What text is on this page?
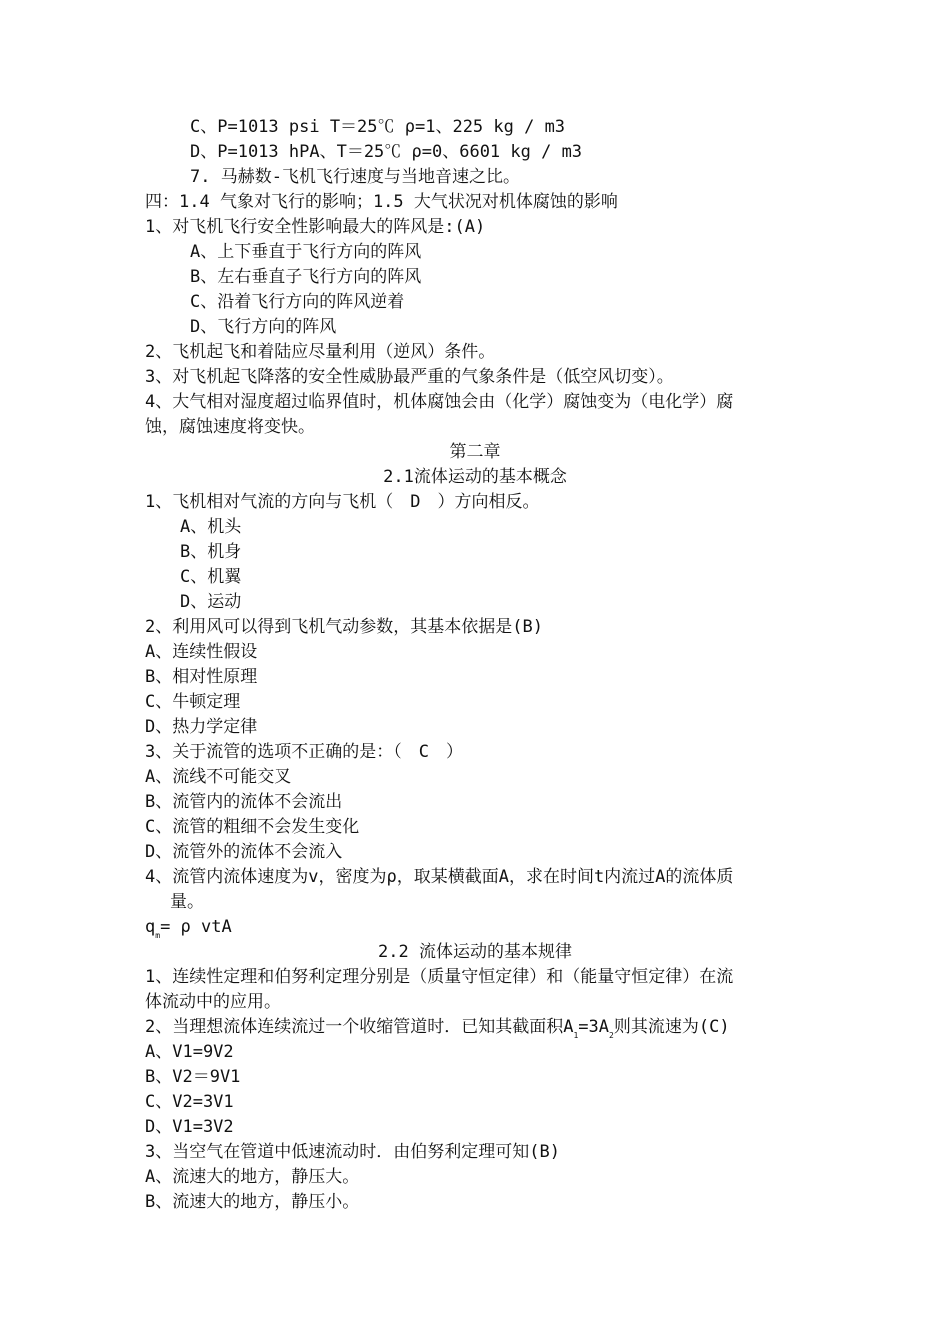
C、P=1013 psi T＝25℃ ρ=1、225 kg / m3
D、P=1013 hPA、T＝25℃ ρ=0、6601 kg / m3
7. 马赫数-飞机飞行速度与当地音速之比。
四：1.4 气象对飞行的影响；1.5 大气状况对机体腐蚀的影响
1、对飞机飞行安全性影响最大的阵风是:(A)
A、上下垂直于飞行方向的阵风
B、左右垂直子飞行方向的阵风
C、沿着飞行方向的阵风逆着
D、飞行方向的阵风
2、飞机起飞和着陆应尽量利用（逆风）条件。
3、对飞机起飞降落的安全性威胁最严重的气象条件是（低空风切变）。
4、大气相对湿度超过临界值时，机体腐蚀会由（化学）腐蚀变为（电化学）腐
蚀，腐蚀速度将变快。
第二章
2.1流体运动的基本概念
1、飞机相对气流的方向与飞机（　D　）方向相反。
A、机头
B、机身
C、机翼
D、运动
2、利用风可以得到飞机气动参数，其基本依据是(B)
A、连续性假设
B、相对性原理
C、牛顿定理
D、热力学定律
3、关于流管的选项不正确的是：（　C　）
A、流线不可能交叉
B、流管内的流体不会流出
C、流管的粗细不会发生变化
D、流管外的流体不会流入
4、流管内流体速度为v，密度为ρ，取某横截面A，求在时间t内流过A的流体质
量。
$q_m= \rho$ vtA
2.2 流体运动的基本规律
1、连续性定理和伯努利定理分别是（质量守恒定律）和（能量守恒定律）在流
体流动中的应用。
2、当理想流体连续流过一个收缩管道时．已知其截面积$A_1=3A_2$则其流速为(C)
A、V1=9V2
B、V2＝9V1
C、V2=3V1
D、V1=3V2
3、当空气在管道中低速流动时．由伯努利定理可知(B)
A、流速大的地方，静压大。
B、流速大的地方，静压小。
